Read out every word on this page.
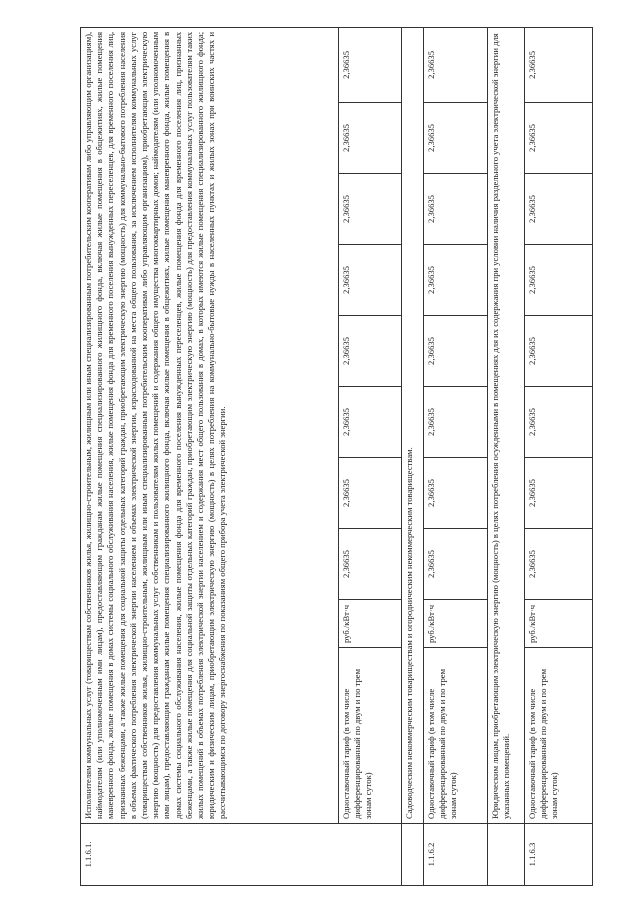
1.1.6.1.	Исполнителям коммунальных услуг (товариществам собственников жилья, жилищно-строительным, жилищным или иным специализированным потребительским кооперативам либо управляющим организациям), наймодателям (или уполномоченным ими лицам), предоставляющим гражданам жилые помещения специализированного жилищного фонда, включая жилые помещения в общежитиях, жилые помещения маневренного фонда, жилые помещения в домах системы социального обслуживания населения, жилые помещения фонда для временного поселения вынужденных переселенцев, для временного поселения лиц, признанных беженцами, а также жилые помещения для социальной защиты отдельных категорий граждан, приобретающим электрическую энергию (мощность) для коммунально-бытового потребления населения в объемах фактического потребления электрической энергии населением и объемах электрической энергии, израсходованной на места общего пользования, за исключением исполнителям коммунальных услуг (товариществам собственников жилья, жилищно-строительным, жилищным или иным специализированным потребительским кооперативам либо управляющим организациям), приобретающим электрическую энергию (мощность) для предоставления коммунальных услуг собственникам и пользователям жилых помещений и содержания общего имущества многоквартирных домов; наймодателям (или уполномоченным ими лицам), предоставляющим гражданам жилые помещения специализированного жилищного фонда, включая жилые помещения в общежитиях, жилые помещения маневренного фонда, жилые помещения в домах системы социального обслуживания населения, жилые помещения фонда для временного поселения вынужденных переселенцев, жилые помещения фонда для временного поселения лиц, признанных беженцами, а также жилые помещения для социальной защиты отдельных категорий граждан, приобретающим электрическую энергию (мощность) для предоставления коммунальных услуг пользователям таких жилых помещений в объемах потребления электрической энергии населением и содержания мест общего пользования в домах, в которых имеются жилые помещения специализированного жилищного фонда; юридическим и физическим лицам, приобретающим электрическую энергию (мощность) в целях потребления на коммунально-бытовые нужды в населенных пунктах и жилых зонах при воинских частях и рассчитывающимся по договору энергоснабжения по показаниям общего прибора учета электрической энергии.									
	Одноставочный тариф (в том числе дифференцированный по двум и по трем зонам суток)	руб./кВт·ч	2,36635	2,36635	2,36635	2,36635	2,36635	2,36635	2,36635	2,36635
	Садоводческим некоммерческим товариществам и огородническим некоммерческим товариществам.									
1.1.6.2	Одноставочный тариф (в том числе дифференцированный по двум и по трем зонам суток)	руб./кВт·ч	2,36635	2,36635	2,36635	2,36635	2,36635	2,36635	2,36635	2,36635
	Юридическим лицам, приобретающим электрическую энергию (мощность) в целях потребления осужденными в помещениях для их содержания при условии наличия раздельного учета электрической энергии для указанных помещений.									
1.1.6.3	Одноставочный тариф (в том числе дифференцированный по двум и по трем зонам суток)	руб./кВт·ч	2,36635	2,36635	2,36635	2,36635	2,36635	2,36635	2,36635	2,36635
